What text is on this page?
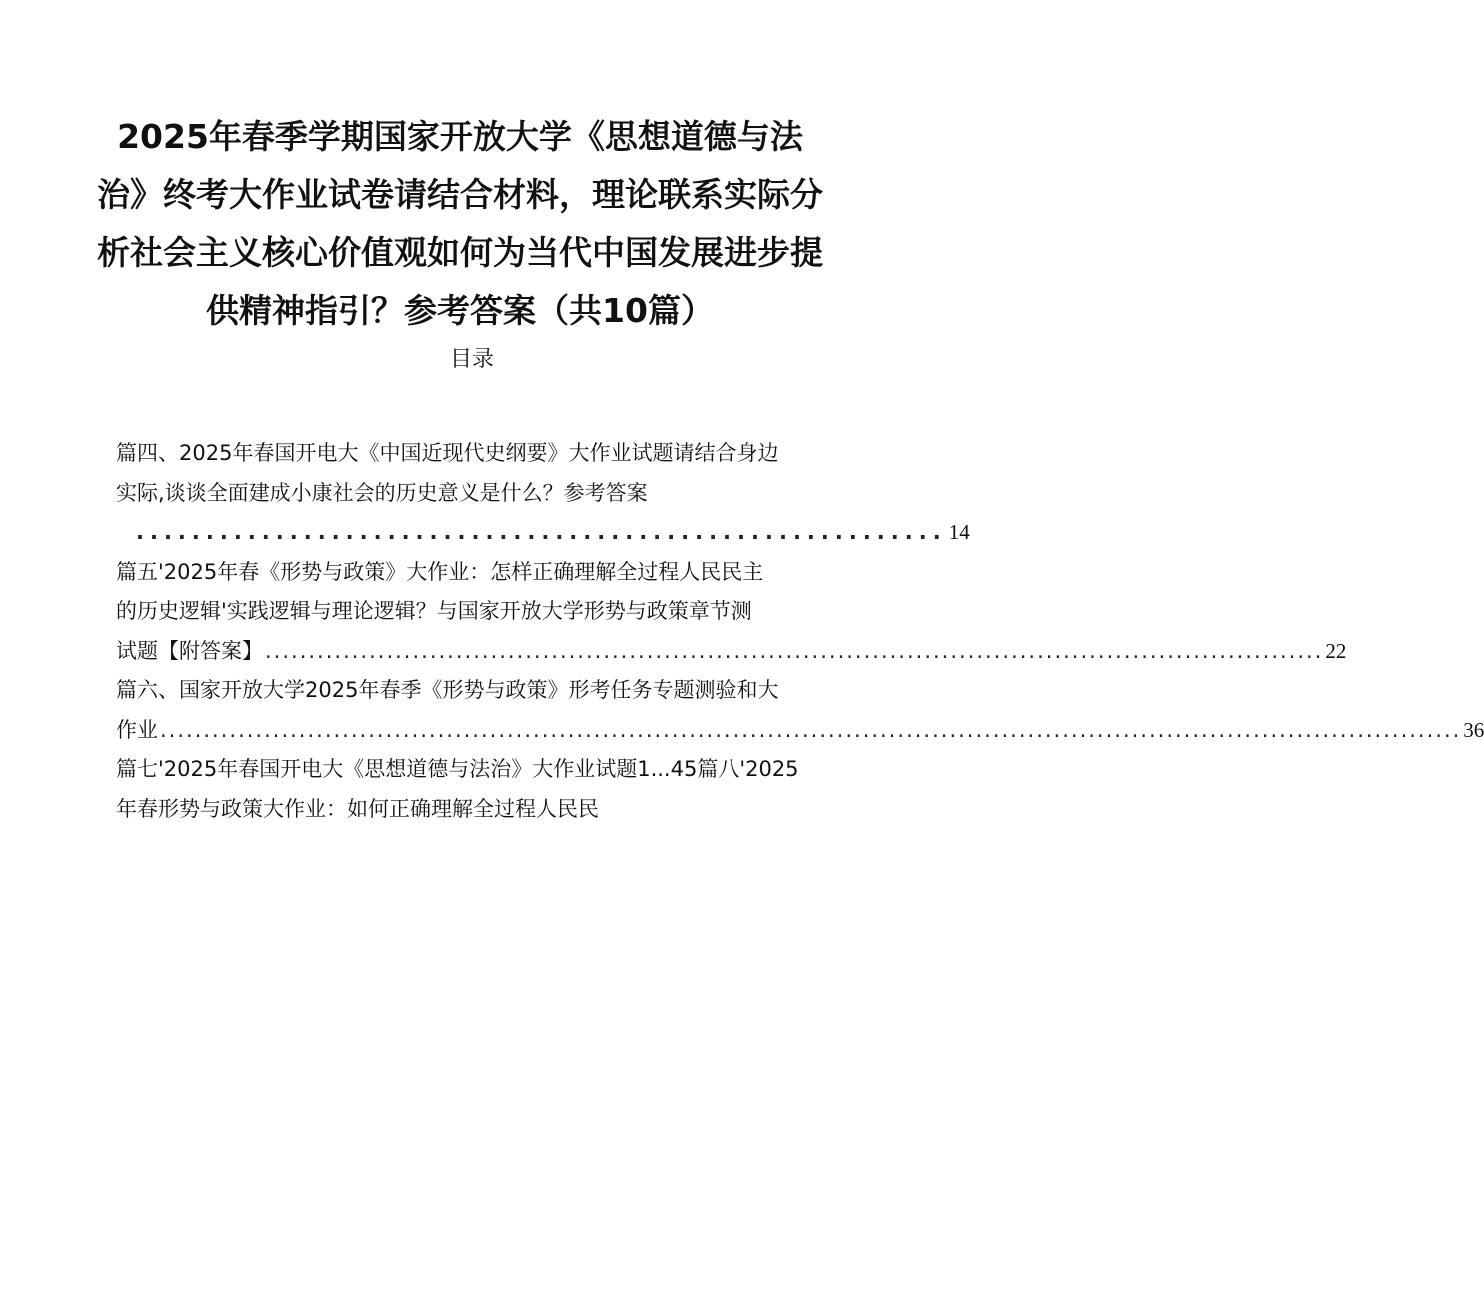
2025年春季学期国家开放大学《思想道德与法治》终考大作业试卷请结合材料，理论联系实际分析社会主义核心价值观如何为当代中国发展进步提供精神指引？参考答案（共10篇）
目录
篇四、2025年春国开电大《中国近现代史纲要》大作业试题请结合身边
实际,谈谈全面建成小康社会的历史意义是什么？参考答案
.......................................................... 14
篇五'2025年春《形势与政策》大作业：怎样正确理解全过程人民民主
的历史逻辑'实践逻辑与理论逻辑？与国家开放大学形势与政策章节测
试题【附答案】 .......................................................................................................................... 22
篇六、国家开放大学2025年春季《形势与政策》形考任务专题测验和大
作业 ...................................................................................................................................................... 36
篇七'2025年春国开电大《思想道德与法治》大作业试题1...45篇八'2025
年春形势与政策大作业：如何正确理解全过程人民民
